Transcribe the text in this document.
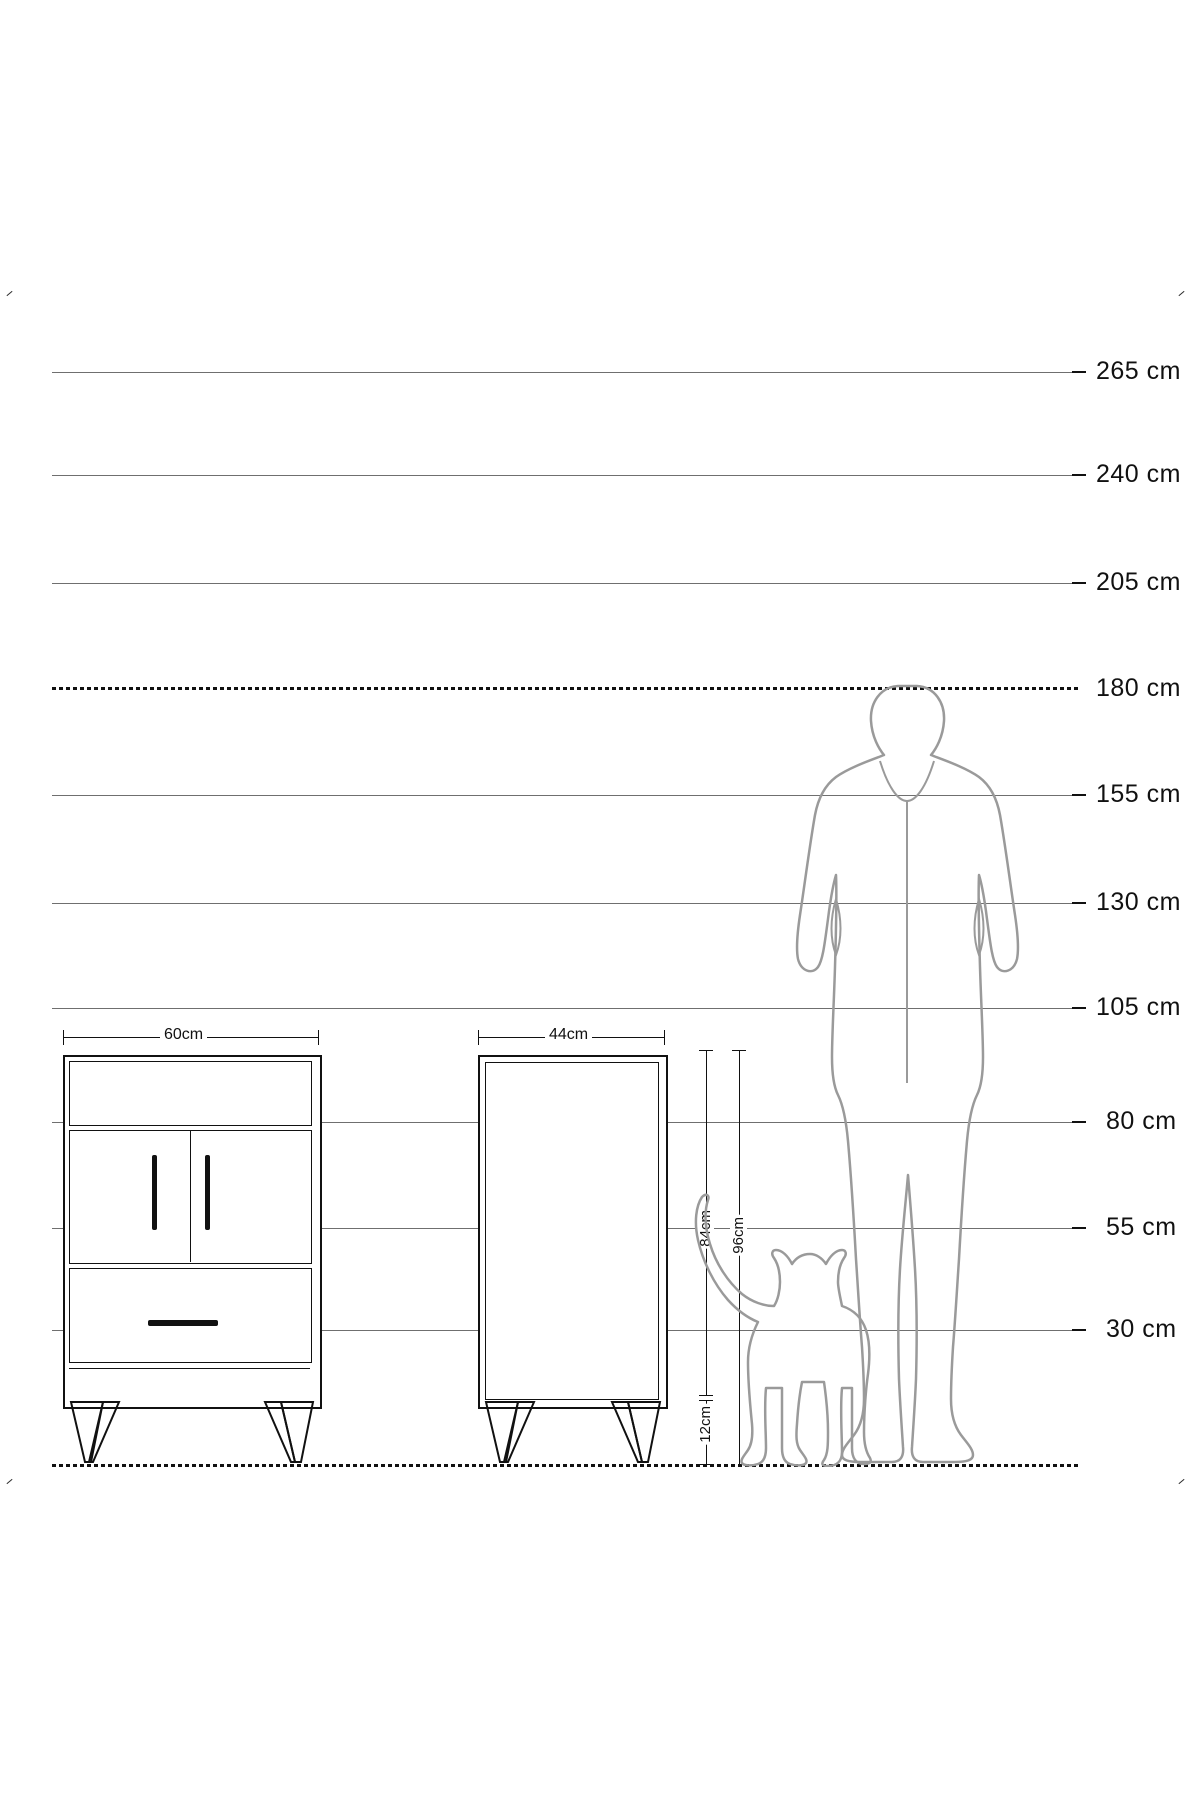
265 cm
240 cm
205 cm
180 cm
155 cm
130 cm
105 cm
80 cm
55 cm
30 cm
60cm	44cm
84cm 96cm
12cm
